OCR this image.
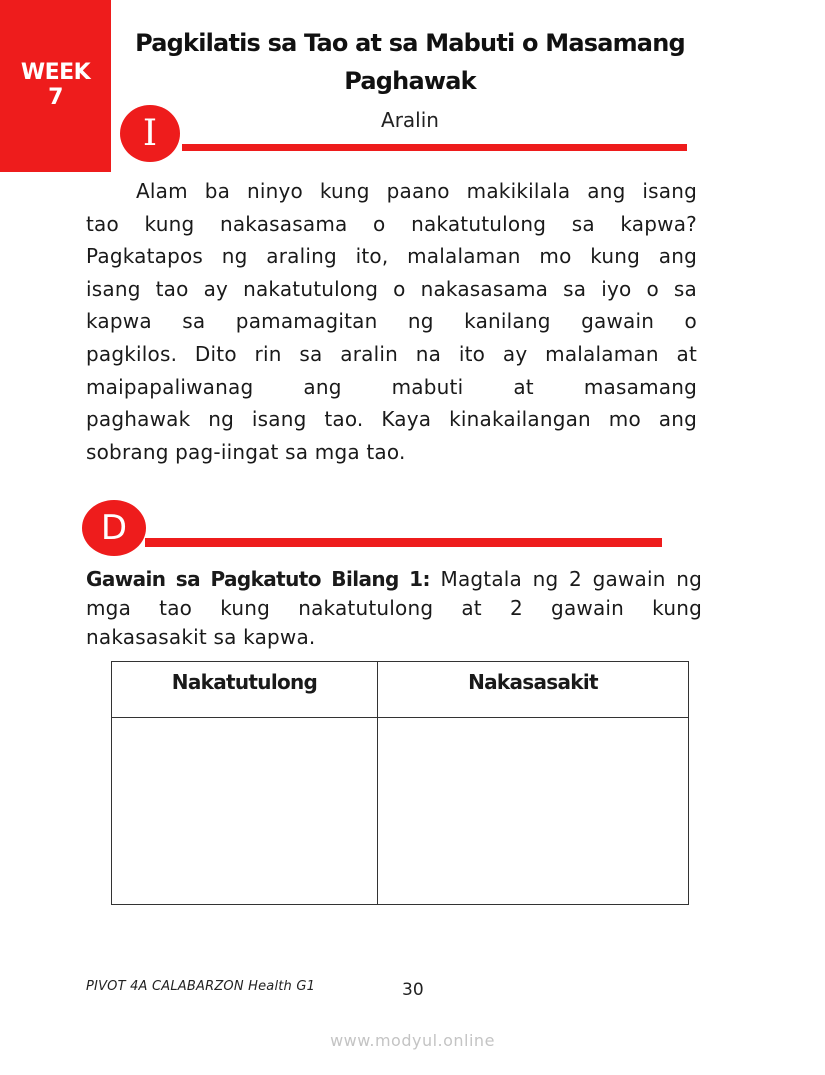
WEEK
7
Pagkilatis sa Tao at sa Mabuti o Masamang
Paghawak
Aralin
I
Alam ba ninyo kung paano makikilala ang isang
tao kung nakasasama o nakatutulong sa kapwa?
Pagkatapos ng araling ito, malalaman mo kung ang
isang tao ay nakatutulong o nakasasama sa iyo o sa
kapwa sa pamamagitan ng kanilang gawain o
pagkilos. Dito rin sa aralin na ito ay malalaman at
maipapaliwanag ang mabuti at masamang
paghawak ng isang tao. Kaya kinakailangan mo ang
sobrang pag-iingat sa mga tao.
D
Gawain sa Pagkatuto Bilang 1: Magtala ng 2 gawain ng
mga tao kung nakatutulong at 2 gawain kung
nakasasakit sa kapwa.
Nakatutulong	Nakasasakit

PIVOT 4A CALABARZON Health G1	30
www.modyul.online
